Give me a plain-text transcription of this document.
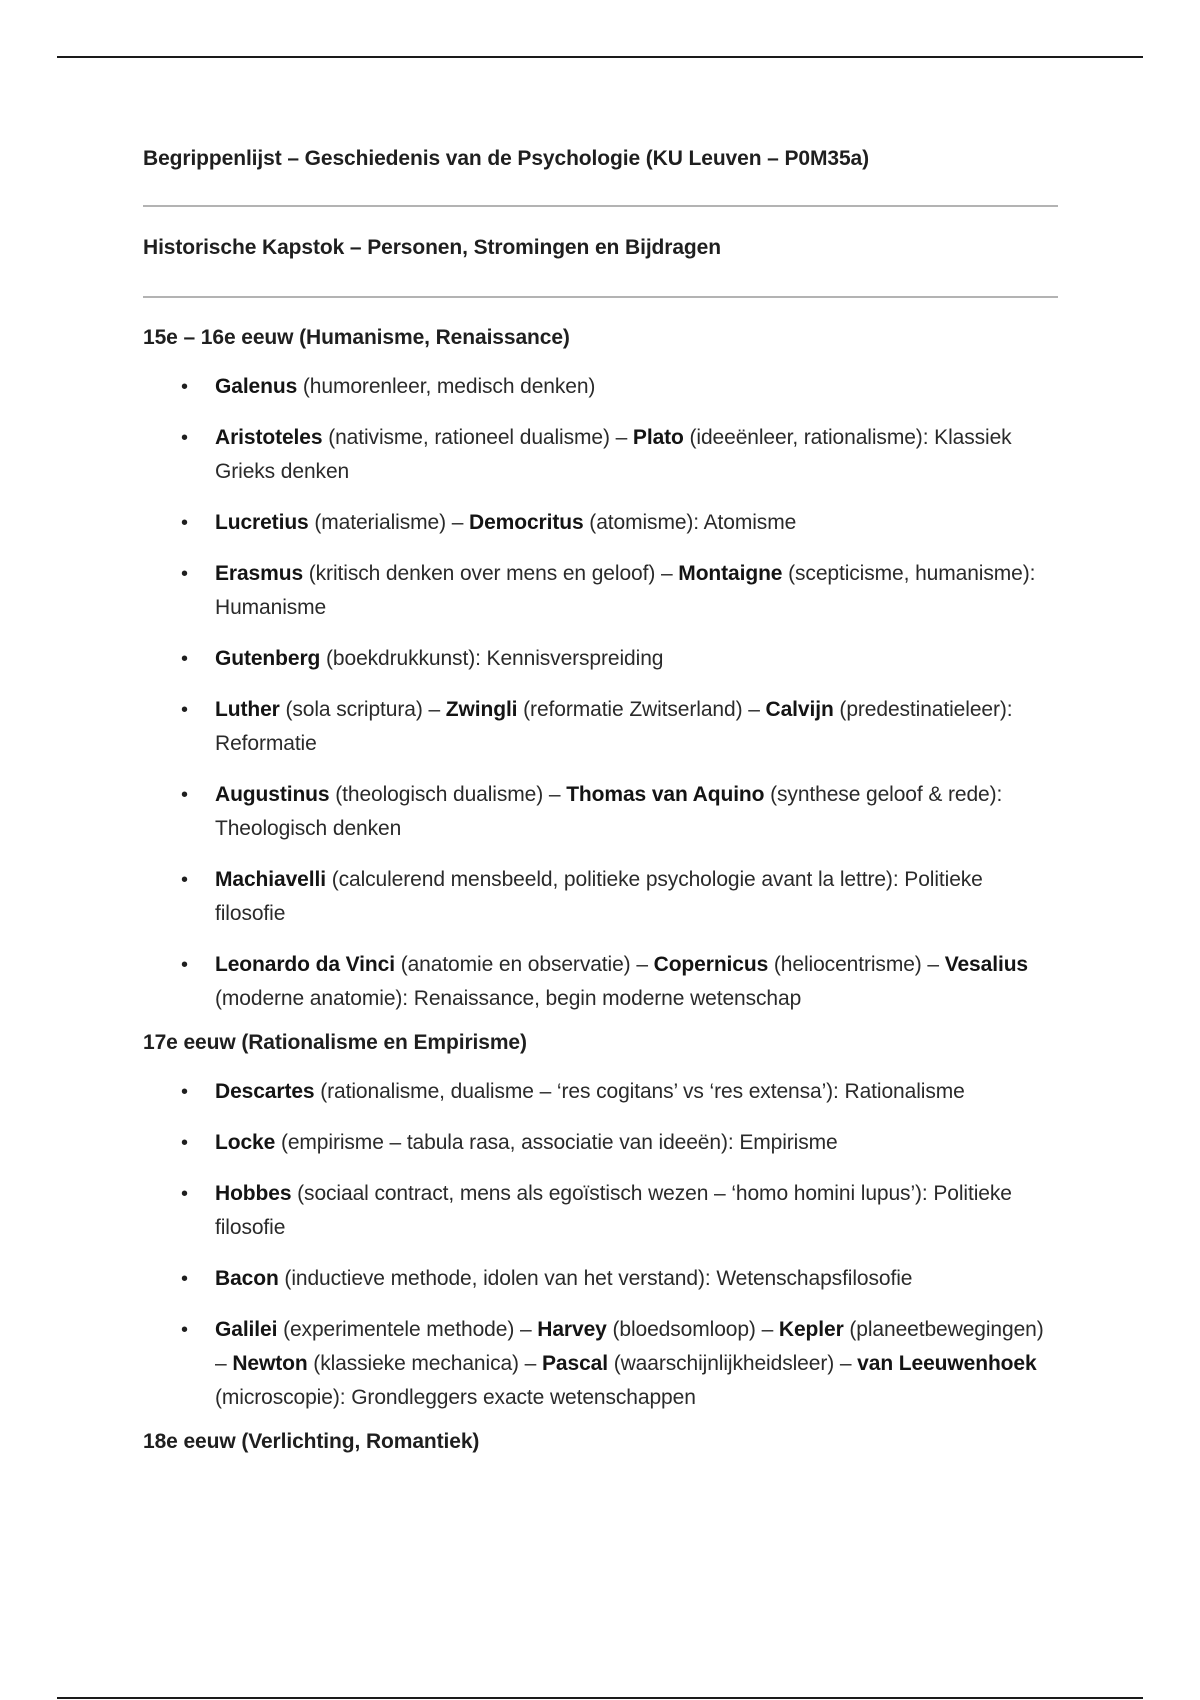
Begrippenlijst – Geschiedenis van de Psychologie (KU Leuven – P0M35a)
Historische Kapstok – Personen, Stromingen en Bijdragen
15e – 16e eeuw (Humanisme, Renaissance)
• Galenus (humorenleer, medisch denken)
• Aristoteles (nativisme, rationeel dualisme) – Plato (ideeënleer, rationalisme): Klassiek Grieks denken
• Lucretius (materialisme) – Democritus (atomisme): Atomisme
• Erasmus (kritisch denken over mens en geloof) – Montaigne (scepticisme, humanisme): Humanisme
• Gutenberg (boekdrukkunst): Kennisverspreiding
• Luther (sola scriptura) – Zwingli (reformatie Zwitserland) – Calvijn (predestinatieleer): Reformatie
• Augustinus (theologisch dualisme) – Thomas van Aquino (synthese geloof & rede): Theologisch denken
• Machiavelli (calculerend mensbeeld, politieke psychologie avant la lettre): Politieke filosofie
• Leonardo da Vinci (anatomie en observatie) – Copernicus (heliocentrisme) – Vesalius (moderne anatomie): Renaissance, begin moderne wetenschap
17e eeuw (Rationalisme en Empirisme)
• Descartes (rationalisme, dualisme – ‘res cogitans’ vs ‘res extensa’): Rationalisme
• Locke (empirisme – tabula rasa, associatie van ideeën): Empirisme
• Hobbes (sociaal contract, mens als egoïstisch wezen – ‘homo homini lupus’): Politieke filosofie
• Bacon (inductieve methode, idolen van het verstand): Wetenschapsfilosofie
• Galilei (experimentele methode) – Harvey (bloedsomloop) – Kepler (planeetbewegingen) – Newton (klassieke mechanica) – Pascal (waarschijnlijkheidsleer) – van Leeuwenhoek (microscopie): Grondleggers exacte wetenschappen
18e eeuw (Verlichting, Romantiek)
